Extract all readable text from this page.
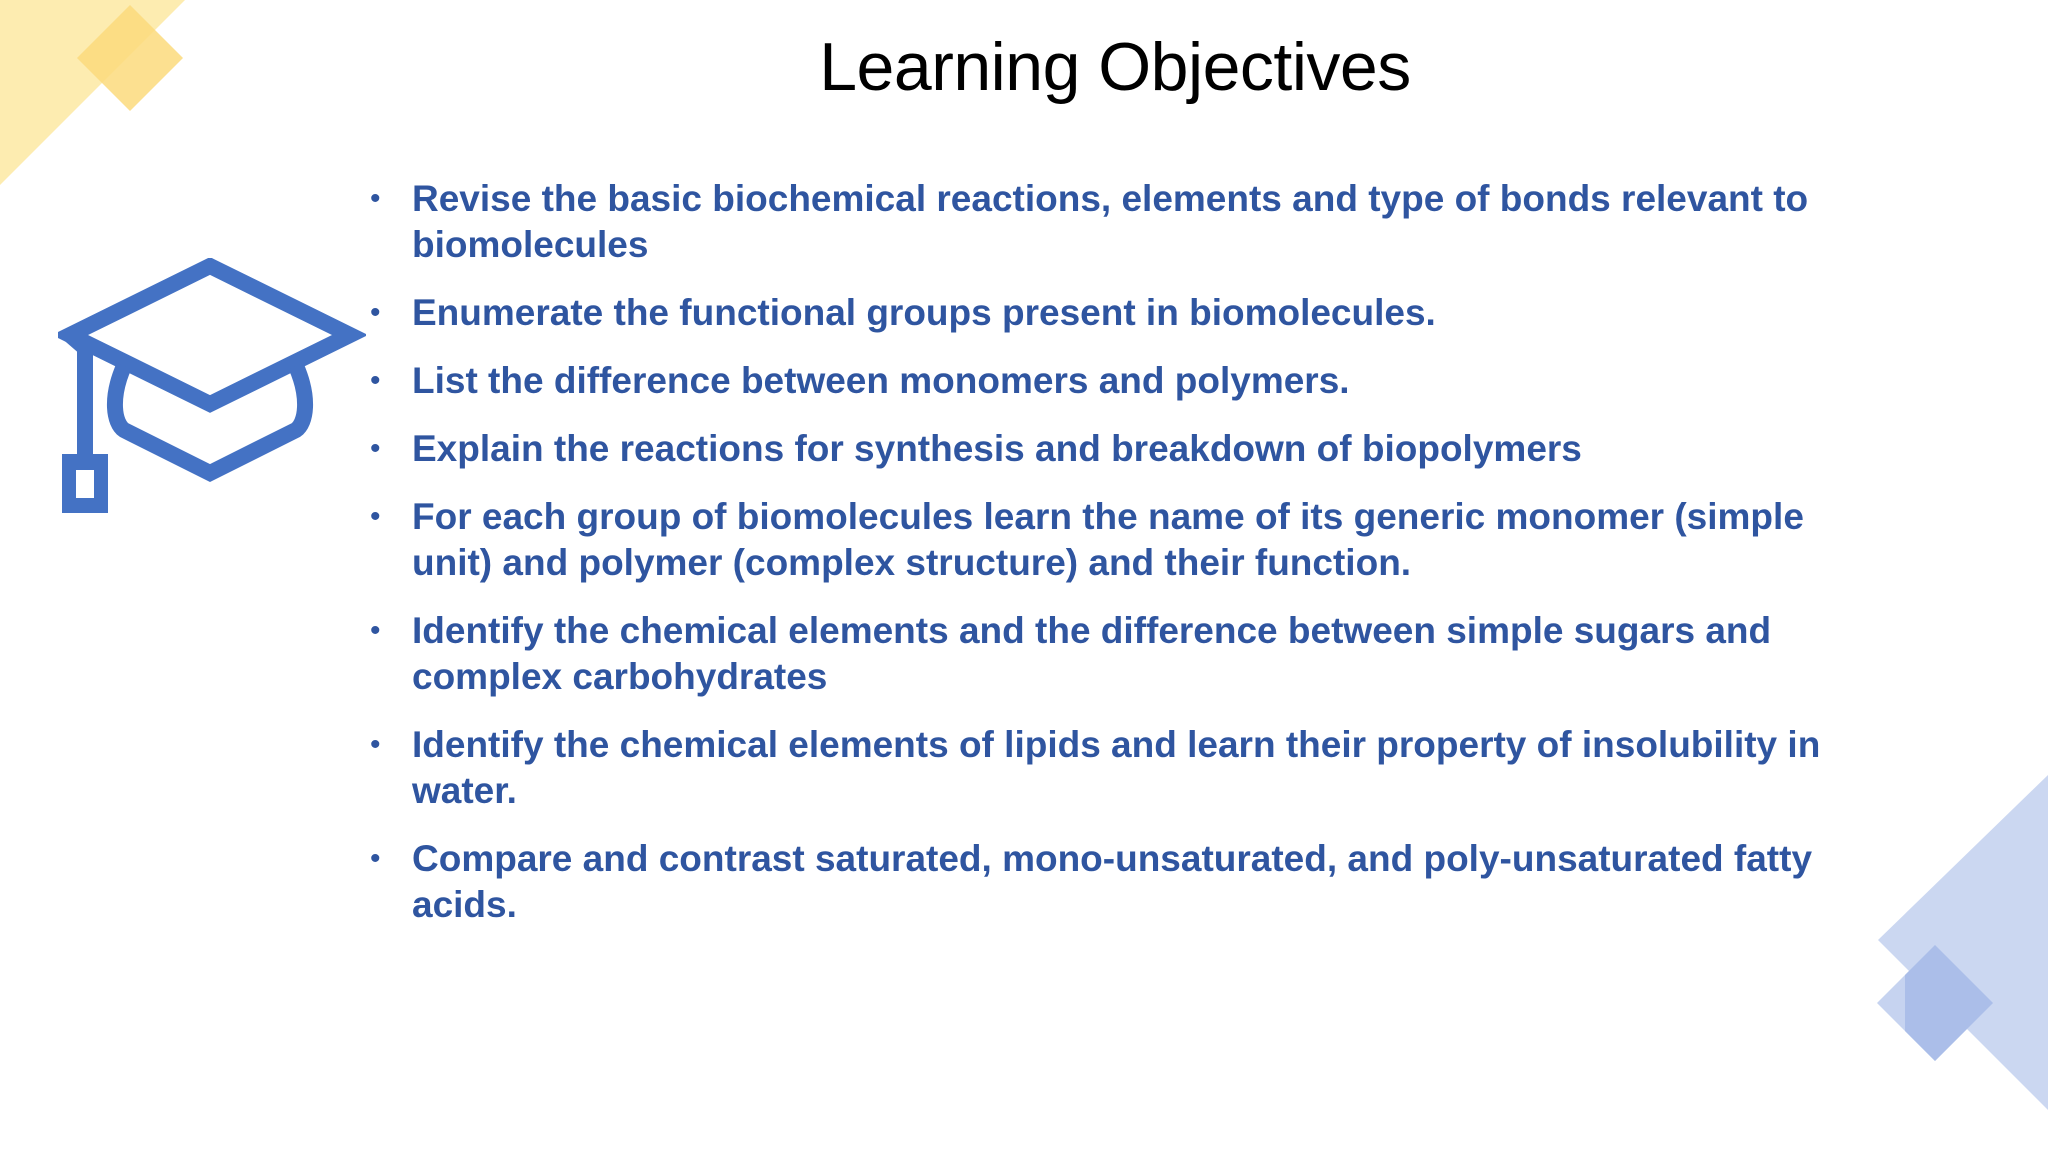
Learning Objectives
• Revise the basic biochemical reactions, elements and type of bonds relevant to biomolecules
• Enumerate the functional groups present in biomolecules.
• List the difference between monomers and polymers.
• Explain the reactions for synthesis and breakdown of biopolymers
• For each group of biomolecules learn the name of its generic monomer (simple unit) and polymer (complex structure) and their function.
• Identify the chemical elements and the difference between simple sugars and complex carbohydrates
• Identify the chemical elements of lipids and learn their property of insolubility in water.
• Compare and contrast saturated, mono-unsaturated, and poly-unsaturated fatty acids.
